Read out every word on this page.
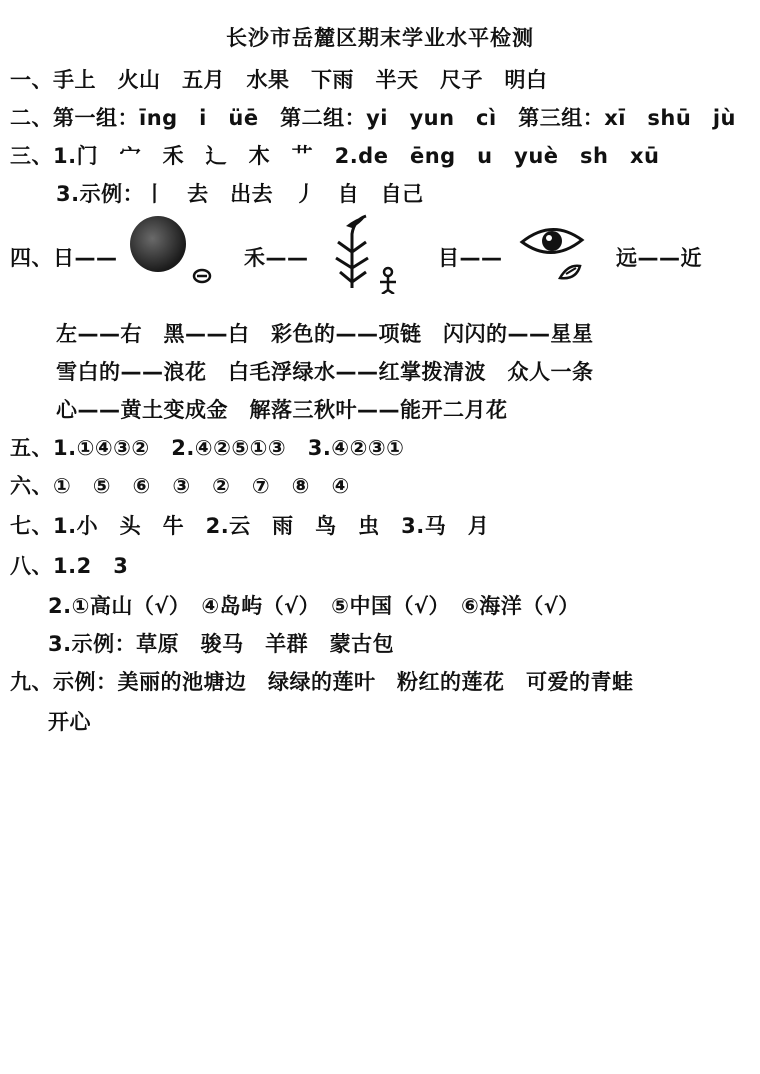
长沙市岳麓区期末学业水平检测
一、手上　火山　五月　水果　下雨　半天　尺子　明白
二、第一组：īng　i　üē　第二组：yi　yun　cì　第三组：xī　shū　jù
三、1.门　宀　禾　辶　木　艹　2.de　ēng　u　yuè　sh　xū
3.示例：丨　去　出去　丿　自　自己
四、日——	禾——	目——	远——近
左——右　黑——白　彩色的——项链　闪闪的——星星
雪白的——浪花　白毛浮绿水——红掌拨清波　众人一条
心——黄土变成金　解落三秋叶——能开二月花
五、1.①④③②　2.④②⑤①③　3.④②③①
六、①　⑤　⑥　③　②　⑦　⑧　④
七、1.小　头　牛　2.云　雨　鸟　虫　3.马　月
八、1.2　3
2.①高山（√）　④岛屿（√）　⑤中国（√）　⑥海洋（√）
3.示例：草原　骏马　羊群　蒙古包
九、示例：美丽的池塘边　绿绿的莲叶　粉红的莲花　可爱的青蛙
开心
